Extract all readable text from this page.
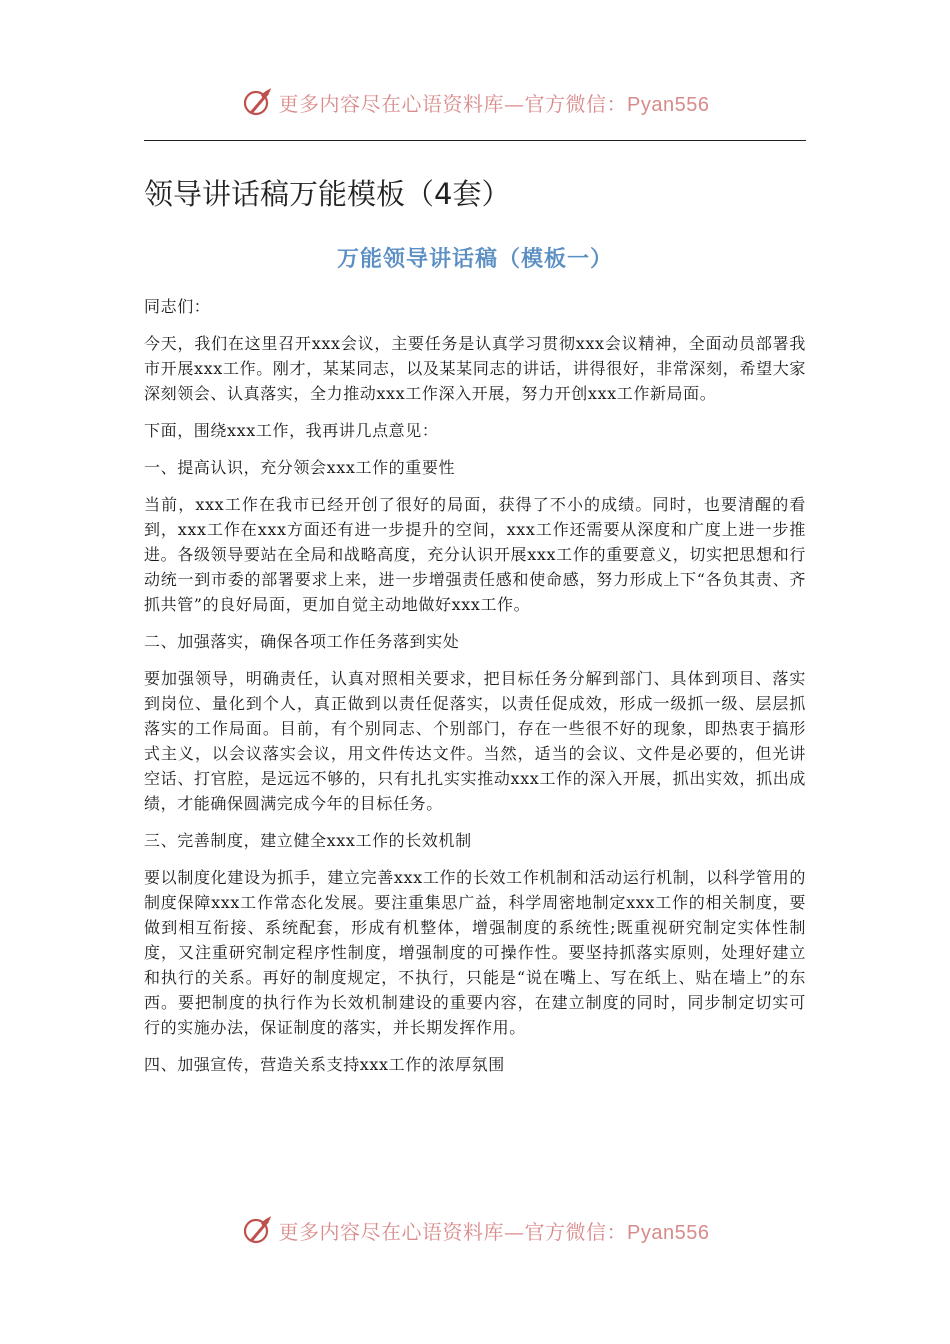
更多内容尽在心语资料库—官方微信：Pyan556
领导讲话稿万能模板（4套）
万能领导讲话稿（模板一）

同志们：

今天，我们在这里召开xxx会议，主要任务是认真学习贯彻xxx会议精神，全面动员部署我市开展xxx工作。刚才，某某同志，以及某某同志的讲话，讲得很好，非常深刻，希望大家深刻领会、认真落实，全力推动xxx工作深入开展，努力开创xxx工作新局面。

下面，围绕xxx工作，我再讲几点意见：

一、提高认识，充分领会xxx工作的重要性

当前，xxx工作在我市已经开创了很好的局面，获得了不小的成绩。同时，也要清醒的看到，xxx工作在xxx方面还有进一步提升的空间，xxx工作还需要从深度和广度上进一步推进。各级领导要站在全局和战略高度，充分认识开展xxx工作的重要意义，切实把思想和行动统一到市委的部署要求上来，进一步增强责任感和使命感，努力形成上下“各负其责、齐抓共管”的良好局面，更加自觉主动地做好xxx工作。

二、加强落实，确保各项工作任务落到实处

要加强领导，明确责任，认真对照相关要求，把目标任务分解到部门、具体到项目、落实到岗位、量化到个人，真正做到以责任促落实，以责任促成效，形成一级抓一级、层层抓落实的工作局面。目前，有个别同志、个别部门，存在一些很不好的现象，即热衷于搞形式主义，以会议落实会议，用文件传达文件。当然，适当的会议、文件是必要的，但光讲空话、打官腔，是远远不够的，只有扎扎实实推动xxx工作的深入开展，抓出实效，抓出成绩，才能确保圆满完成今年的目标任务。

三、完善制度，建立健全xxx工作的长效机制

要以制度化建设为抓手，建立完善xxx工作的长效工作机制和活动运行机制，以科学管用的制度保障xxx工作常态化发展。要注重集思广益，科学周密地制定xxx工作的相关制度，要做到相互衔接、系统配套，形成有机整体，增强制度的系统性;既重视研究制定实体性制度，又注重研究制定程序性制度，增强制度的可操作性。要坚持抓落实原则，处理好建立和执行的关系。再好的制度规定，不执行，只能是“说在嘴上、写在纸上、贴在墙上”的东西。要把制度的执行作为长效机制建设的重要内容，在建立制度的同时，同步制定切实可行的实施办法，保证制度的落实，并长期发挥作用。

四、加强宣传，营造关系支持xxx工作的浓厚氛围

更多内容尽在心语资料库—官方微信：Pyan556
